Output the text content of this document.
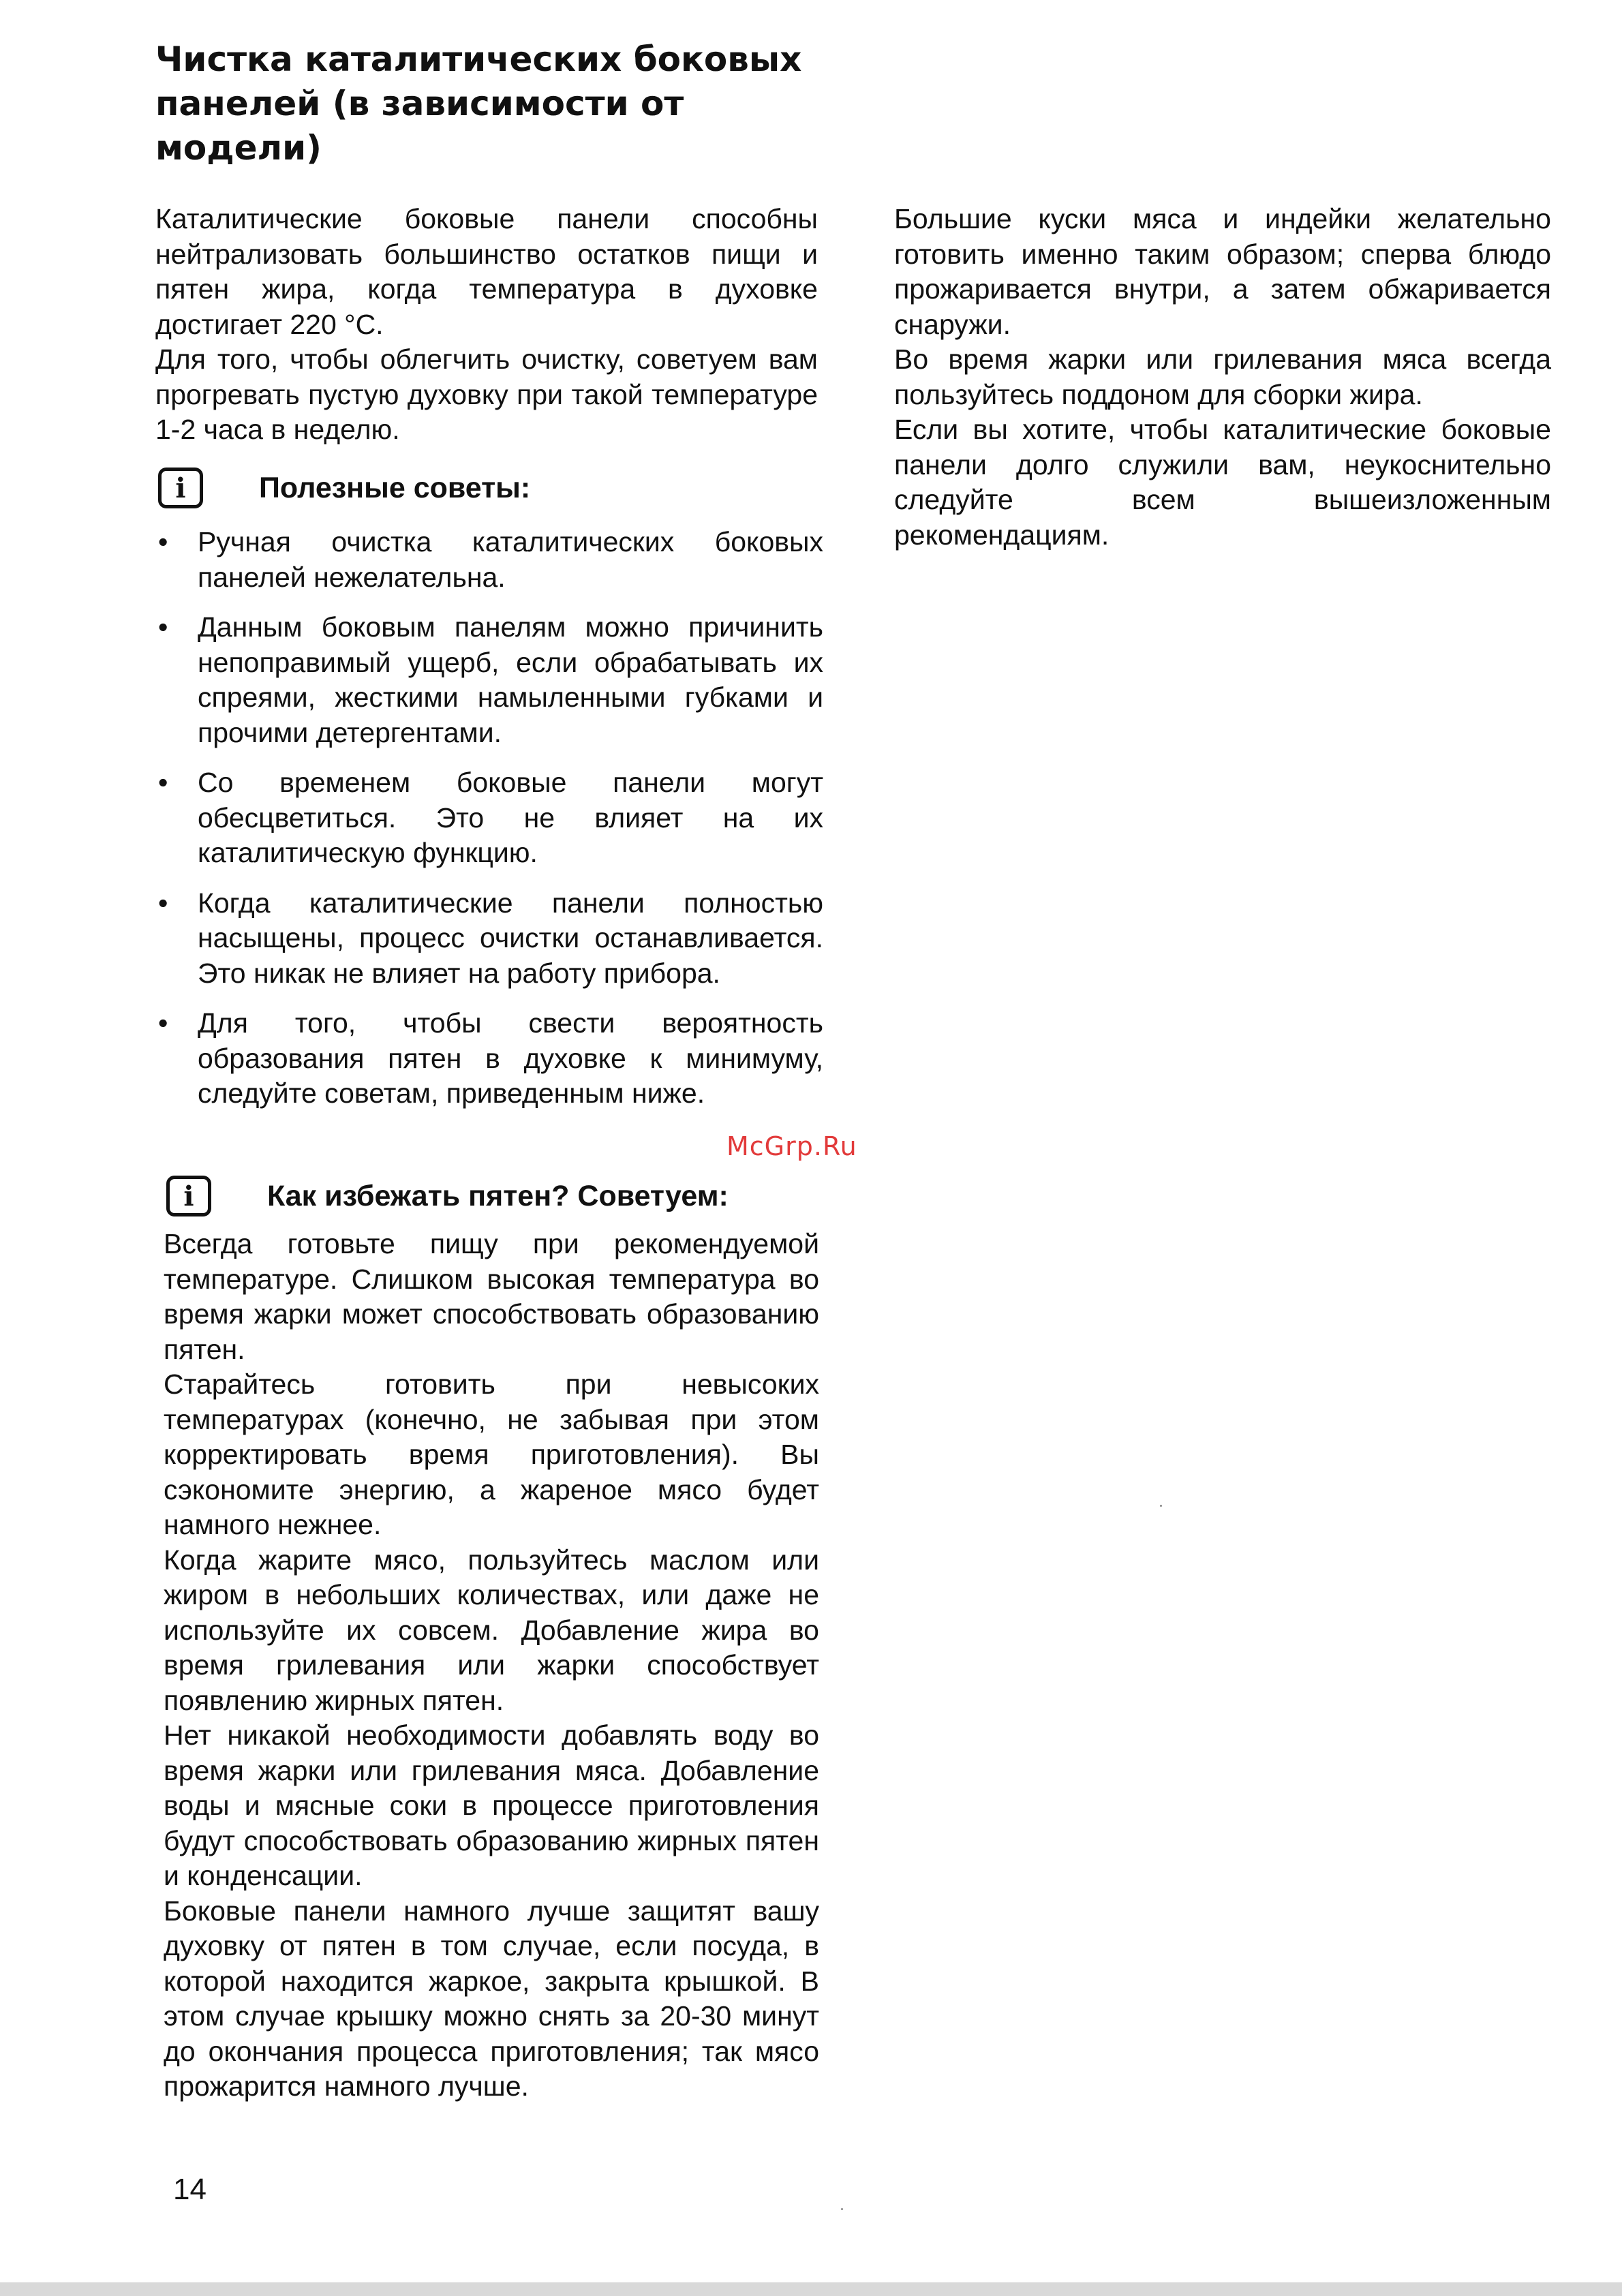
Чистка каталитических боковых панелей (в зависимости от модели)

Каталитические боковые панели способны нейтрализовать большинство остатков пищи и пятен жира, когда температура в духовке достигает 220 °C.

Для того, чтобы облегчить очистку, советуем вам прогревать пустую духовку при такой температуре 1-2 часа в неделю.

i	Полезные советы:
• Ручная очистка каталитических боковых панелей нежелательна.
• Данным боковым панелям можно причинить непоправимый ущерб, если обрабатывать их спреями, жесткими намыленными губками и прочими детергентами.
• Со временем боковые панели могут обесцветиться. Это не влияет на их каталитическую функцию.
• Когда каталитические панели полностью насыщены, процесс очистки останавливается. Это никак не влияет на работу прибора.
• Для того, чтобы свести вероятность образования пятен в духовке к минимуму, следуйте советам, приведенным ниже.
McGrp.Ru
i	Как избежать пятен? Советуем:

Всегда готовьте пищу при рекомендуемой температуре. Слишком высокая температура во время жарки может способствовать образованию пятен.

Старайтесь готовить при невысоких температурах (конечно, не забывая при этом корректировать время приготовления). Вы сэкономите энергию, а жареное мясо будет намного нежнее.

Когда жарите мясо, пользуйтесь маслом или жиром в небольших количествах, или даже не используйте их совсем. Добавление жира во время грилевания или жарки способствует появлению жирных пятен.

Нет никакой необходимости добавлять воду во время жарки или грилевания мяса. Добавление воды и мясные соки в процессе приготовления будут способствовать образованию жирных пятен и конденсации.

Боковые панели намного лучше защитят вашу духовку от пятен в том случае, если посуда, в которой находится жаркое, закрыта крышкой. В этом случае крышку можно снять за 20-30 минут до окончания процесса приготовления; так мясо прожарится намного лучше.

Большие куски мяса и индейки желательно готовить именно таким образом; сперва блюдо прожаривается внутри, а затем обжаривается снаружи.

Во время жарки или грилевания мяса всегда пользуйтесь поддоном для сборки жира.

Если вы хотите, чтобы каталитические боковые панели долго служили вам, неукоснительно следуйте всем вышеизложенным рекомендациям.

14
